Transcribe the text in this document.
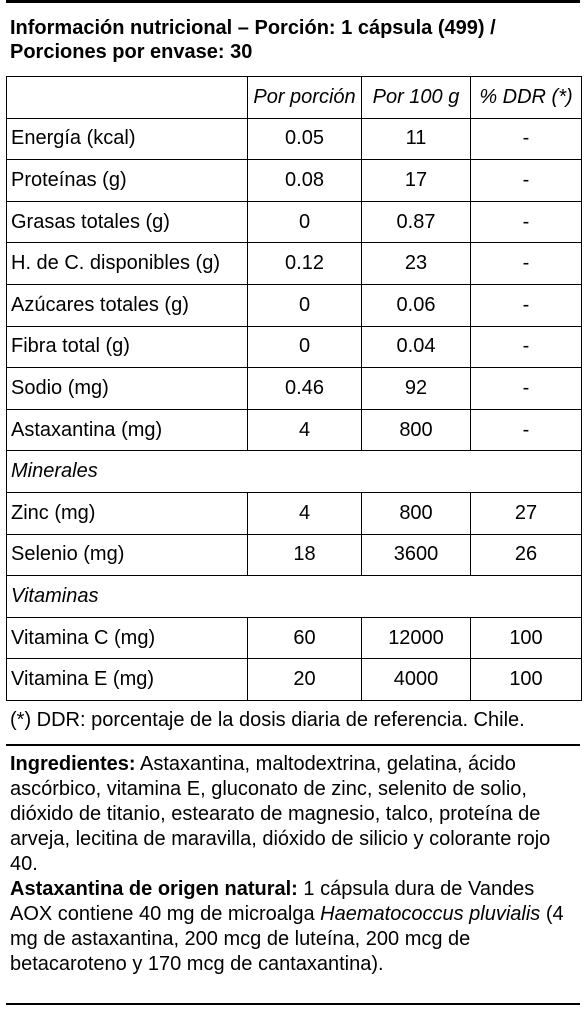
Información nutricional – Porción: 1 cápsula (499) /
Porciones por envase: 30
	Por porción	Por 100 g	% DDR (*)
Energía (kcal)	0.05	11	-
Proteínas (g)	0.08	17	-
Grasas totales (g)	0	0.87	-
H. de C. disponibles (g)	0.12	23	-
Azúcares totales (g)	0	0.06	-
Fibra total (g)	0	0.04	-
Sodio (mg)	0.46	92	-
Astaxantina (mg)	4	800	-
Minerales			
Zinc (mg)	4	800	27
Selenio (mg)	18	3600	26
Vitaminas			
Vitamina C (mg)	60	12000	100
Vitamina E (mg)	20	4000	100
(*) DDR: porcentaje de la dosis diaria de referencia. Chile.
Ingredientes: Astaxantina, maltodextrina, gelatina, ácido ascórbico, vitamina E, gluconato de zinc, selenito de solio, dióxido de titanio, estearato de magnesio, talco, proteína de arveja, lecitina de maravilla, dióxido de silicio y colorante rojo 40.
Astaxantina de origen natural: 1 cápsula dura de Vandes AOX contiene 40 mg de microalga Haematococcus pluvialis (4 mg de astaxantina, 200 mcg de luteína, 200 mcg de betacaroteno y 170 mcg de cantaxantina).
